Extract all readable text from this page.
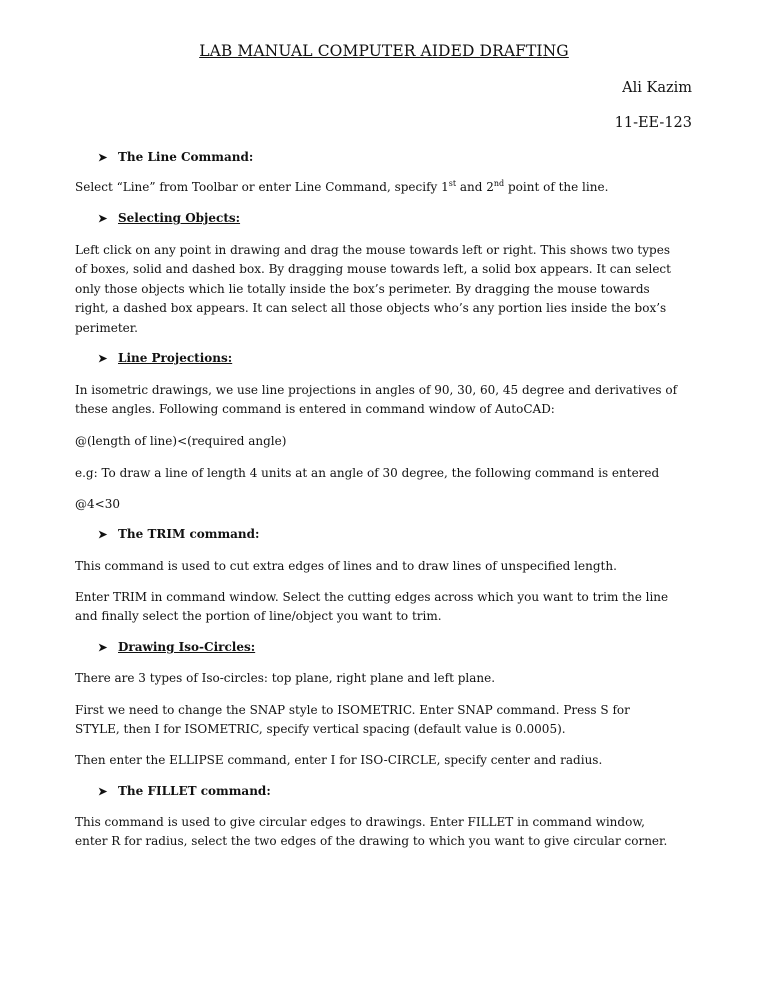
LAB MANUAL COMPUTER AIDED DRAFTING
Ali Kazim
11-EE-123
➤ The Line Command:
Select “Line” from Toolbar or enter Line Command, specify 1st and 2nd point of the line.
➤ Selecting Objects:
Left click on any point in drawing and drag the mouse towards left or right. This shows two types
of boxes, solid and dashed box. By dragging mouse towards left, a solid box appears. It can select
only those objects which lie totally inside the box’s perimeter. By dragging the mouse towards
right, a dashed box appears. It can select all those objects who’s any portion lies inside the box’s
perimeter.
➤ Line Projections:
In isometric drawings, we use line projections in angles of 90, 30, 60, 45 degree and derivatives of
these angles. Following command is entered in command window of AutoCAD:
@(length of line)<(required angle)
e.g: To draw a line of length 4 units at an angle of 30 degree, the following command is entered
@4<30
➤ The TRIM command:
This command is used to cut extra edges of lines and to draw lines of unspecified length.
Enter TRIM in command window. Select the cutting edges across which you want to trim the line
and finally select the portion of line/object you want to trim.
➤ Drawing Iso-Circles:
There are 3 types of Iso-circles: top plane, right plane and left plane.
First we need to change the SNAP style to ISOMETRIC. Enter SNAP command. Press S for
STYLE, then I for ISOMETRIC, specify vertical spacing (default value is 0.0005).
Then enter the ELLIPSE command, enter I for ISO-CIRCLE, specify center and radius.
➤ The FILLET command:
This command is used to give circular edges to drawings. Enter FILLET in command window,
enter R for radius, select the two edges of the drawing to which you want to give circular corner.
